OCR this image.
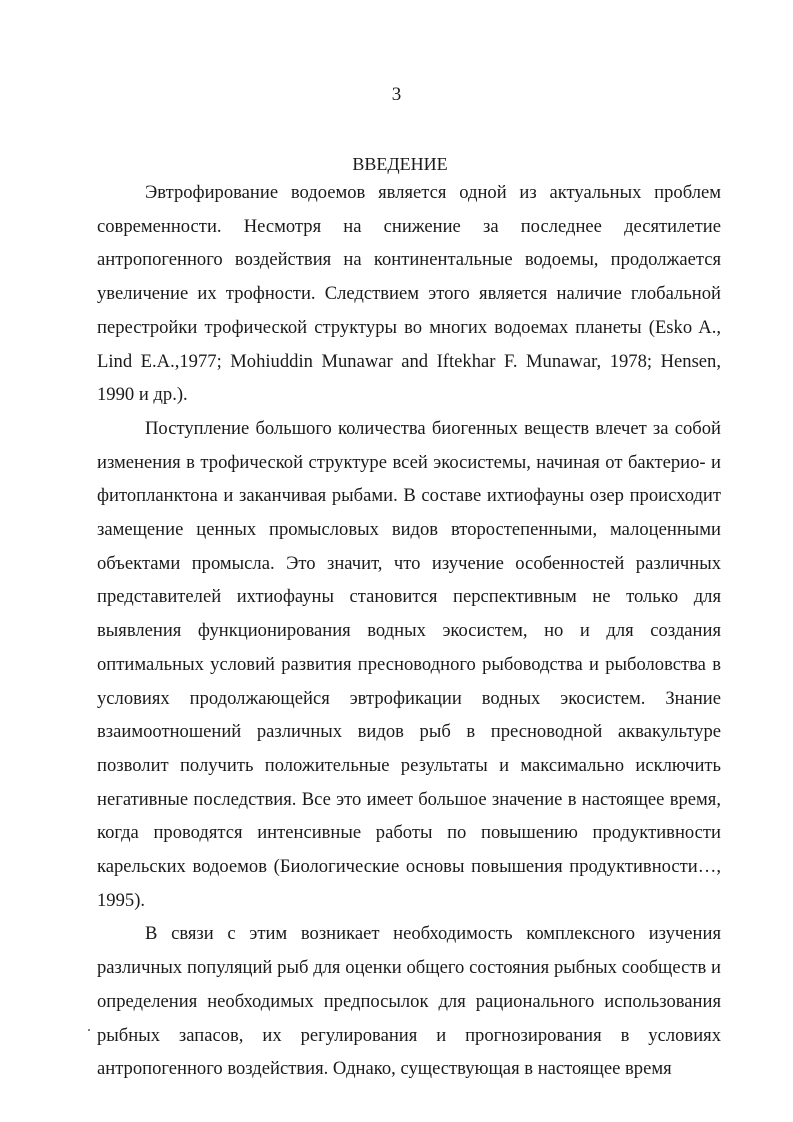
3
ВВЕДЕНИЕ

Эвтрофирование водоемов является одной из актуальных проблем современности. Несмотря на снижение за последнее десятилетие антропогенного воздействия на континентальные водоемы, продолжается увеличение их трофности. Следствием этого является наличие глобальной перестройки трофической структуры во многих водоемах планеты (Esko A., Lind E.A.,1977; Mohiuddin Munawar and Iftekhar F. Munawar, 1978; Hensen, 1990 и др.).

Поступление большого количества биогенных веществ влечет за собой изменения в трофической структуре всей экосистемы, начиная от бактерио- и фитопланктона и заканчивая рыбами. В составе ихтиофауны озер происходит замещение ценных промысловых видов второстепенными, малоценными объектами промысла. Это значит, что изучение особенностей различных представителей ихтиофауны становится перспективным не только для выявления функционирования водных экосистем, но и для создания оптимальных условий развития пресноводного рыбоводства и рыболовства в условиях продолжающейся эвтрофикации водных экосистем. Знание взаимоотношений различных видов рыб в пресноводной аквакультуре позволит получить положительные результаты и максимально исключить негативные последствия. Все это имеет большое значение в настоящее время, когда проводятся интенсивные работы по повышению продуктивности карельских водоемов (Биологические основы повышения продуктивности…, 1995).

В связи с этим возникает необходимость комплексного изучения различных популяций рыб для оценки общего состояния рыбных сообществ и определения необходимых предпосылок для рационального использования рыбных запасов, их регулирования и прогнозирования в условиях антропогенного воздействия. Однако, существующая в настоящее время
